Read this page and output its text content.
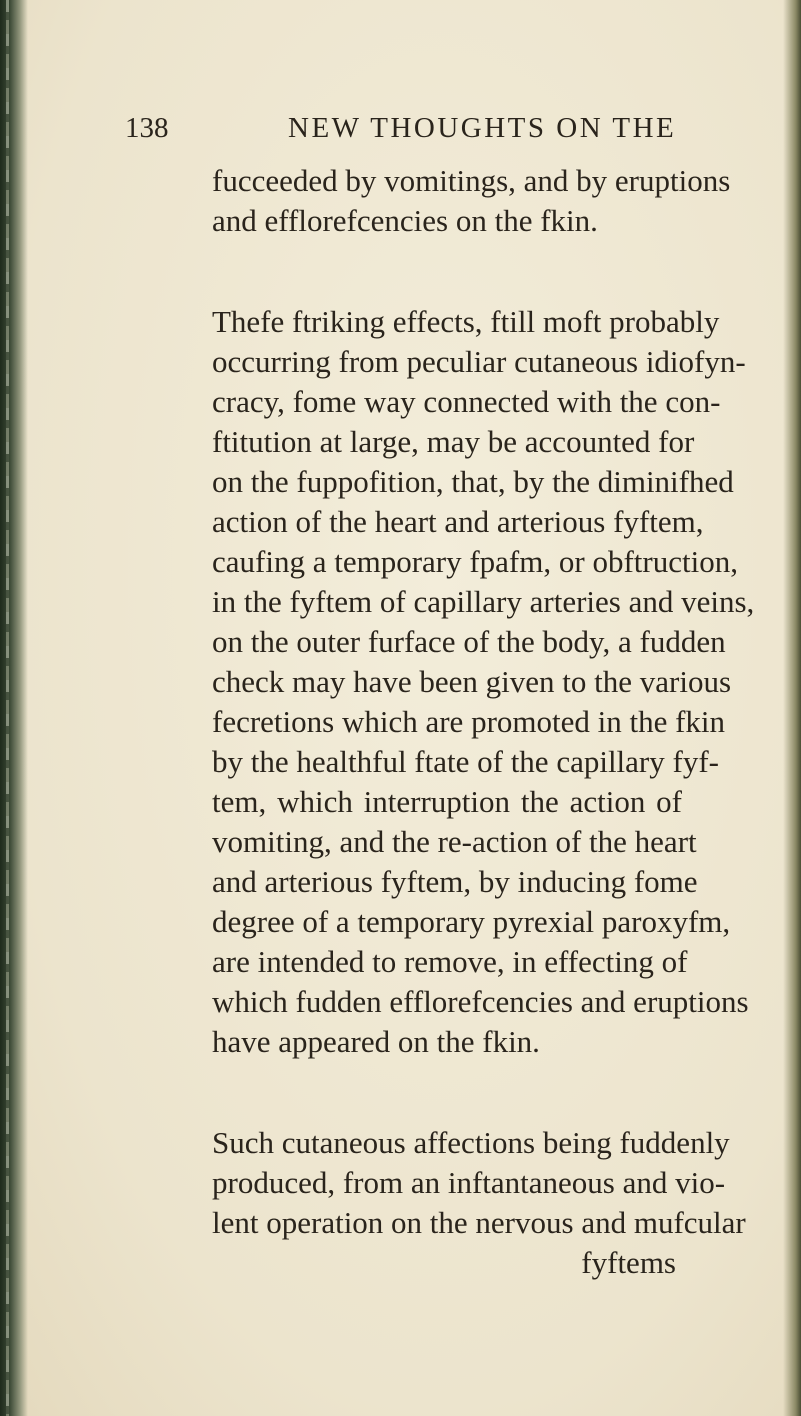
138	NEW THOUGHTS ON THE
fucceeded by vomitings, and by eruptions
and efflorefcencies on the fkin.
Thefe ftriking effects, ftill moft probably
occurring from peculiar cutaneous idiofyn-
cracy, fome way connected with the con-
ftitution at large, may be accounted for
on the fuppofition, that, by the diminifhed
action of the heart and arterious fyftem,
caufing a temporary fpafm, or obftruction,
in the fyftem of capillary arteries and veins,
on the outer furface of the body, a fudden
check may have been given to the various
fecretions which are promoted in the fkin
by the healthful ftate of the capillary fyf-
tem, which interruption the action of
vomiting, and the re-action of the heart
and arterious fyftem, by inducing fome
degree of a temporary pyrexial paroxyfm,
are intended to remove, in effecting of
which fudden efflorefcencies and eruptions
have appeared on the fkin.
Such cutaneous affections being fuddenly
produced, from an inftantaneous and vio-
lent operation on the nervous and mufcular
fyftems
